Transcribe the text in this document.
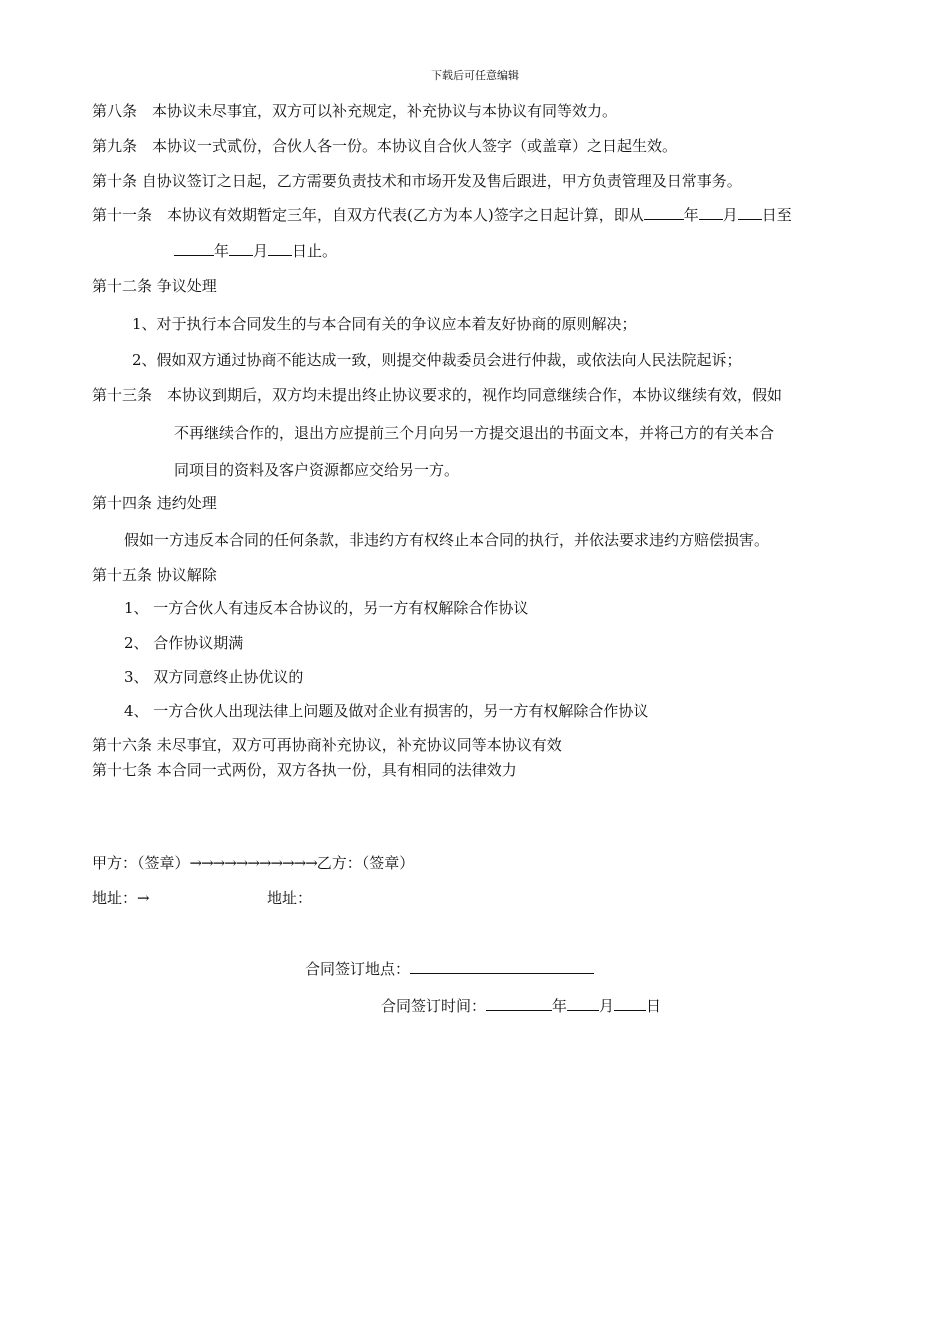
下载后可任意编辑
第八条　本协议未尽事宜，双方可以补充规定，补充协议与本协议有同等效力。
第九条　本协议一式贰份，合伙人各一份。本协议自合伙人签字（或盖章）之日起生效。
第十条 自协议签订之日起，乙方需要负责技术和市场开发及售后跟进，甲方负责管理及日常事务。
第十一条　本协议有效期暂定三年，自双方代表(乙方为本人)签字之日起计算，即从	年 月 日至
年 月 日止。
第十二条 争议处理
1、对于执行本合同发生的与本合同有关的争议应本着友好协商的原则解决；
2、假如双方通过协商不能达成一致，则提交仲裁委员会进行仲裁，或依法向人民法院起诉；
第十三条　本协议到期后，双方均未提出终止协议要求的，视作均同意继续合作，本协议继续有效，假如
不再继续合作的，退出方应提前三个月向另一方提交退出的书面文本，并将己方的有关本合
同项目的资料及客户资源都应交给另一方。
第十四条 违约处理
假如一方违反本合同的任何条款，非违约方有权终止本合同的执行，并依法要求违约方赔偿损害。
第十五条 协议解除
1、 一方合伙人有违反本合协议的，另一方有权解除合作协议
2、 合作协议期满
3、 双方同意终止协优议的
4、 一方合伙人出现法律上问题及做对企业有损害的，另一方有权解除合作协议
第十六条 未尽事宜，双方可再协商补充协议，补充协议同等本协议有效
第十七条 本合同一式两份，双方各执一份，具有相同的法律效力
甲方：（签章）→→→→→→→→→→→乙方：（签章）
地址：→	地址：
合同签订地点：
合同签订时间：	年 月 日
